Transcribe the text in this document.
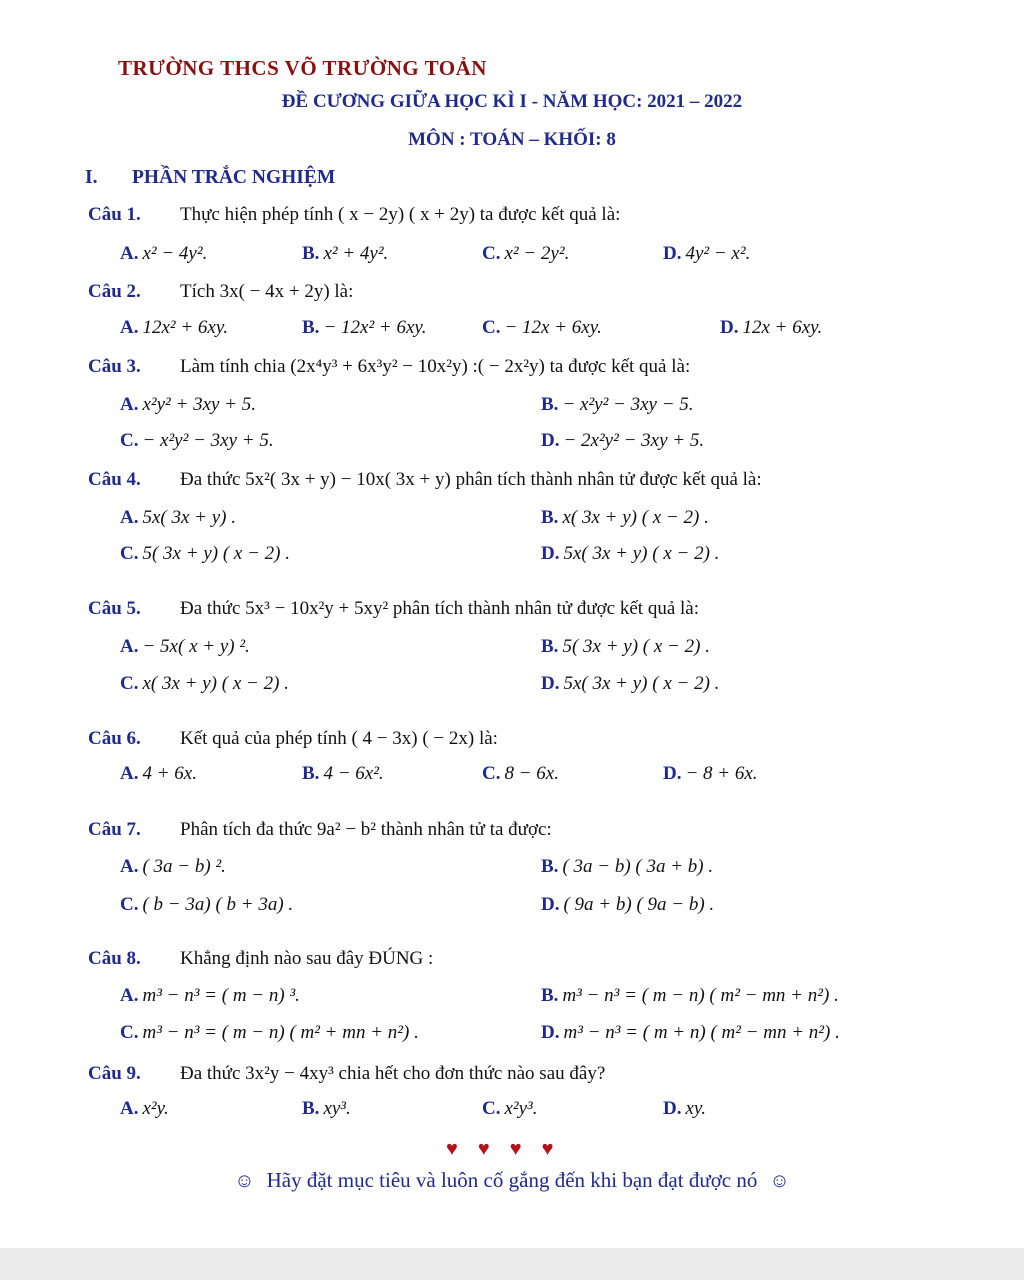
TRƯỜNG THCS VÕ TRƯỜNG TOẢN
ĐỀ CƯƠNG GIỮA HỌC KÌ I - NĂM HỌC: 2021 – 2022
MÔN : TOÁN – KHỐI: 8
I. PHẦN TRẮC NGHIỆM
Câu 1. Thực hiện phép tính ( x − 2y) ( x + 2y) ta được kết quả là:
A. x² − 4y².	B. x² + 4y².	C. x² − 2y².	D. 4y² − x².
Câu 2. Tích 3x( − 4x + 2y) là:
A. 12x² + 6xy.	B. − 12x² + 6xy.	C. − 12x + 6xy.	D. 12x + 6xy.
Câu 3. Làm tính chia (2x⁴y³ + 6x³y² − 10x²y) :( − 2x²y) ta được kết quả là:
A. x²y² + 3xy + 5.	B. − x²y² − 3xy − 5.
C. − x²y² − 3xy + 5.	D. − 2x²y² − 3xy + 5.
Câu 4. Đa thức 5x²( 3x + y) − 10x( 3x + y) phân tích thành nhân tử được kết quả là:
A. 5x( 3x + y) .	B. x( 3x + y) ( x − 2) .
C. 5( 3x + y) ( x − 2) .	D. 5x( 3x + y) ( x − 2) .
Câu 5. Đa thức 5x³ − 10x²y + 5xy² phân tích thành nhân tử được kết quả là:
A. − 5x( x + y) ².	B. 5( 3x + y) ( x − 2) .
C. x( 3x + y) ( x − 2) .	D. 5x( 3x + y) ( x − 2) .
Câu 6. Kết quả của phép tính ( 4 − 3x) ( − 2x) là:
A. 4 + 6x.	B. 4 − 6x².	C. 8 − 6x.	D. − 8 + 6x.
Câu 7. Phân tích đa thức 9a² − b² thành nhân tử ta được:
A. ( 3a − b) ².	B. ( 3a − b) ( 3a + b) .
C. ( b − 3a) ( b + 3a) .	D. ( 9a + b) ( 9a − b) .
Câu 8. Khẳng định nào sau đây ĐÚNG :
A. m³ − n³ = ( m − n) ³.	B. m³ − n³ = ( m − n) ( m² − mn + n²) .
C. m³ − n³ = ( m − n) ( m² + mn + n²) .	D. m³ − n³ = ( m + n) ( m² − mn + n²) .
Câu 9. Đa thức 3x²y − 4xy³ chia hết cho đơn thức nào sau đây?
A. x²y.	B. xy³.	C. x²y³.	D. xy.
♥♥♥♥
☺ Hãy đặt mục tiêu và luôn cố gắng đến khi bạn đạt được nó ☺
